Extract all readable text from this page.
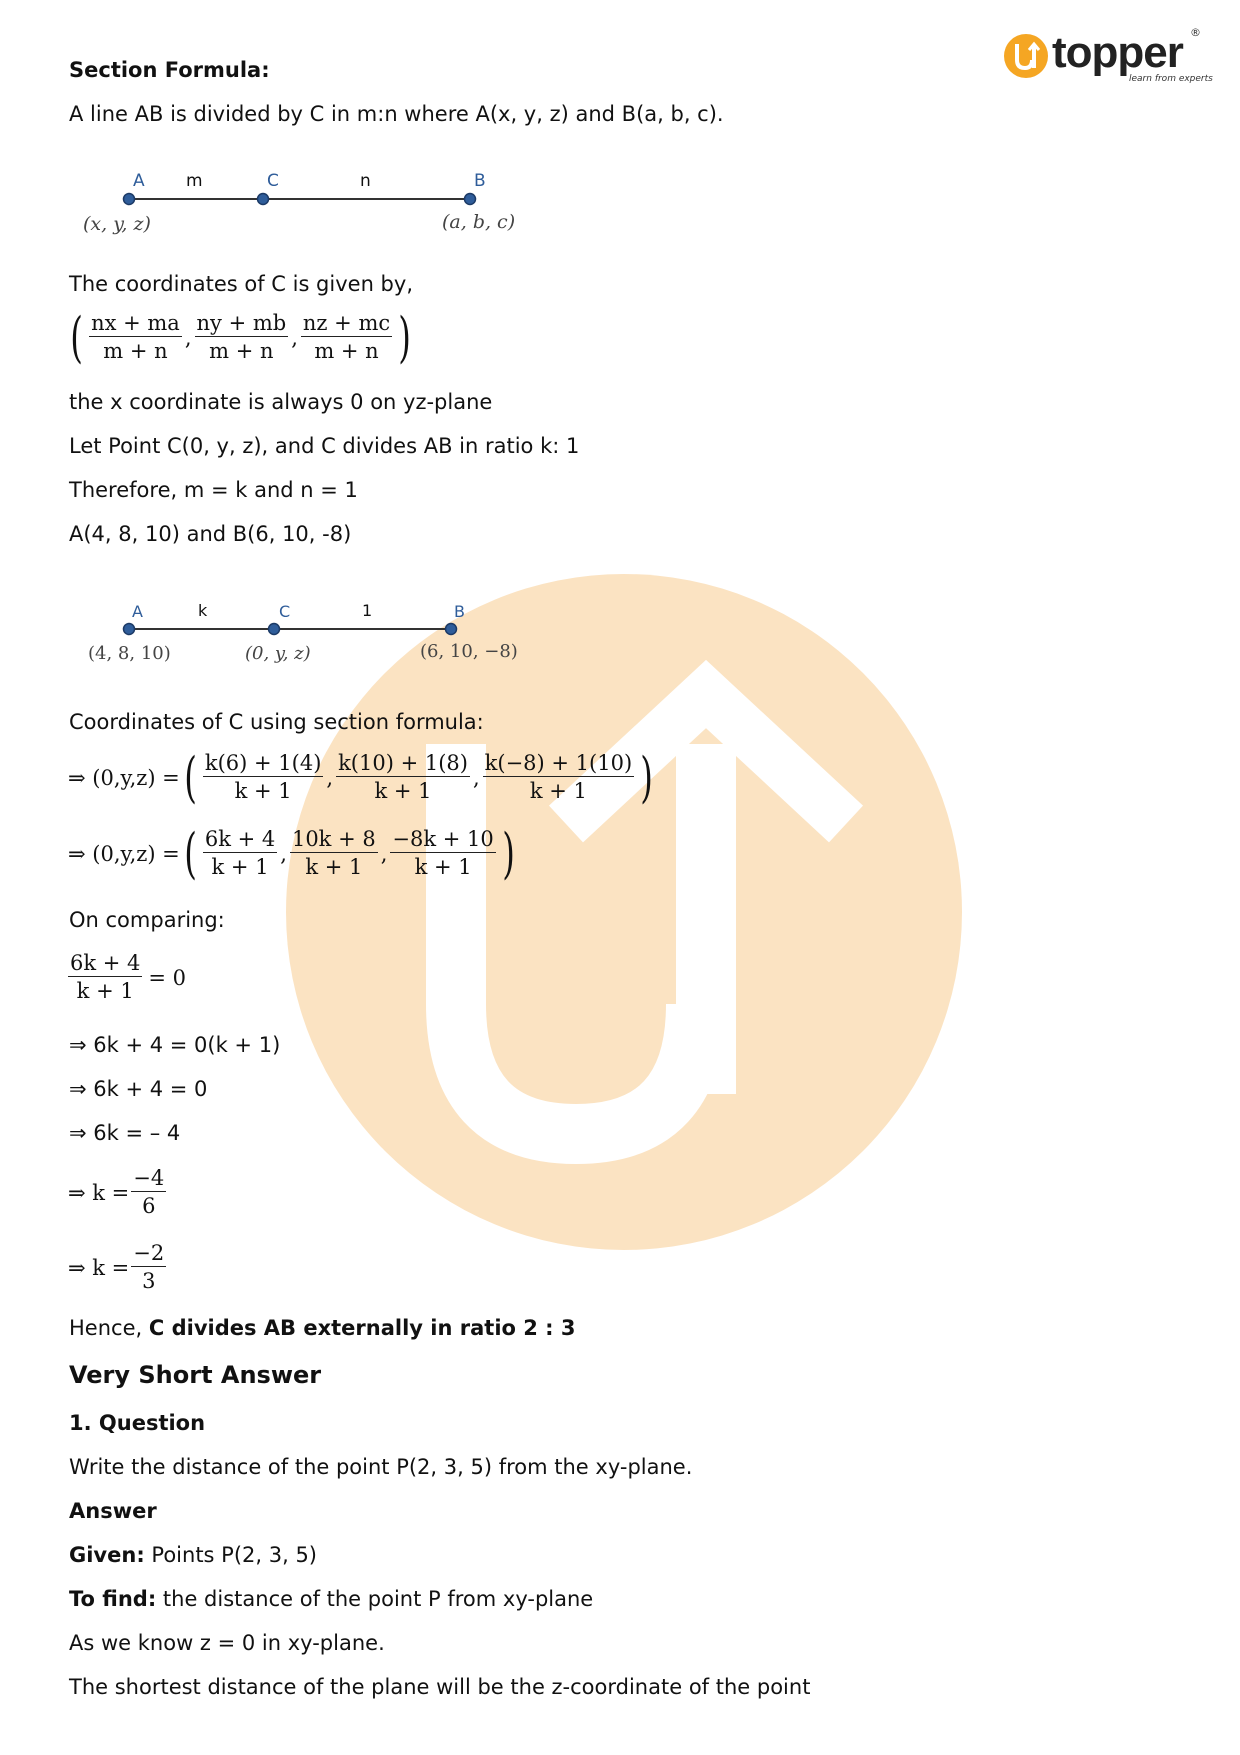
topper ®
learn from experts
Section Formula:
A line AB is divided by C in m:n where A(x, y, z) and B(a, b, c).
A m	C	n	B
(x, y, z)	(a, b, c)
The coordinates of C is given by,
( $\frac{nx + ma}{m + n}$ , $\frac{ny + mb}{m + n}$ , $\frac{nz + mc}{m + n}$ )
the x coordinate is always 0 on yz-plane
Let Point C(0, y, z), and C divides AB in ratio k: 1
Therefore, m = k and n = 1
A(4, 8, 10) and B(6, 10, -8)
A	k	C	1	B
(4, 8, 10)	(0, y, z)	(6, 10, −8)
Coordinates of C using section formula:
⇒ (0,y,z) = ( $\frac{k(6) + 1(4)}{k + 1}$ , $\frac{k(10) + 1(8)}{k + 1}$ , $\frac{k(-8) + 1(10)}{k + 1}$ )
⇒ (0,y,z) = ( $\frac{6k + 4}{k + 1}$ , $\frac{10k + 8}{k + 1}$ , $\frac{-8k + 10}{k + 1}$ )
On comparing:
$\frac{6k + 4}{k + 1} = 0$
⇒ 6k + 4 = 0(k + 1)
⇒ 6k + 4 = 0
⇒ 6k = – 4
⇒ $k = \frac{-4}{6}$
⇒ $k = \frac{-2}{3}$
Hence, C divides AB externally in ratio 2 : 3
Very Short Answer
1. Question
Write the distance of the point P(2, 3, 5) from the xy-plane.
Answer
Given: Points P(2, 3, 5)
To find: the distance of the point P from xy-plane
As we know z = 0 in xy-plane.
The shortest distance of the plane will be the z-coordinate of the point
